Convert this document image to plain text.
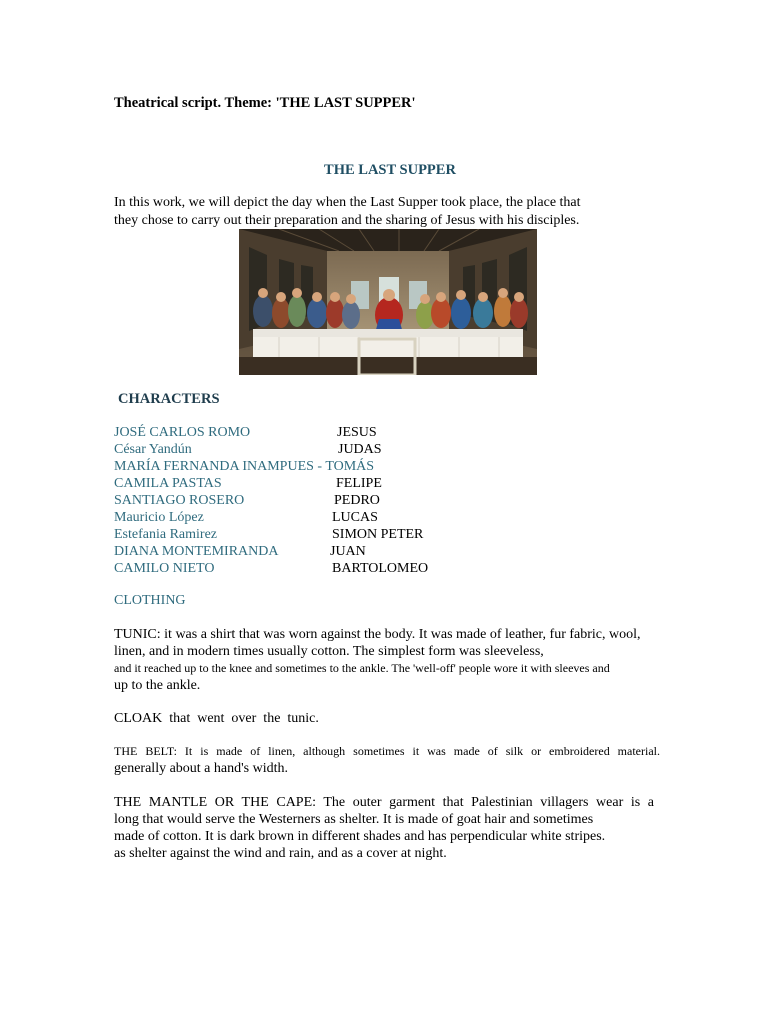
Theatrical script. Theme: 'THE LAST SUPPER'
THE LAST SUPPER

In this work, we will depict the day when the Last Supper took place, the place that

they chose to carry out their preparation and the sharing of Jesus with his disciples.

CHARACTERS
JOSÉ CARLOS ROMO	JESUS
César Yandún	JUDAS
MARÍA FERNANDA INAMPUES - TOMÁS
CAMILA PASTAS	FELIPE
SANTIAGO ROSERO	PEDRO
Mauricio López	LUCAS
Estefania Ramirez	SIMON PETER
DIANA MONTEMIRANDA	JUAN
CAMILO NIETO	BARTOLOMEO
CLOTHING

TUNIC: it was a shirt that was worn against the body. It was made of leather, fur fabric, wool,

linen, and in modern times usually cotton. The simplest form was sleeveless,

and it reached up to the knee and sometimes to the ankle. The 'well-off' people wore it with sleeves and

up to the ankle.

CLOAK  that  went  over  the  tunic.

THE BELT: It is made of linen, although sometimes it was made of silk or embroidered material.

generally about a hand's width.

THE MANTLE OR THE CAPE: The outer garment that Palestinian villagers wear is a

long that would serve the Westerners as shelter. It is made of goat hair and sometimes

made of cotton. It is dark brown in different shades and has perpendicular white stripes.

as shelter against the wind and rain, and as a cover at night.
